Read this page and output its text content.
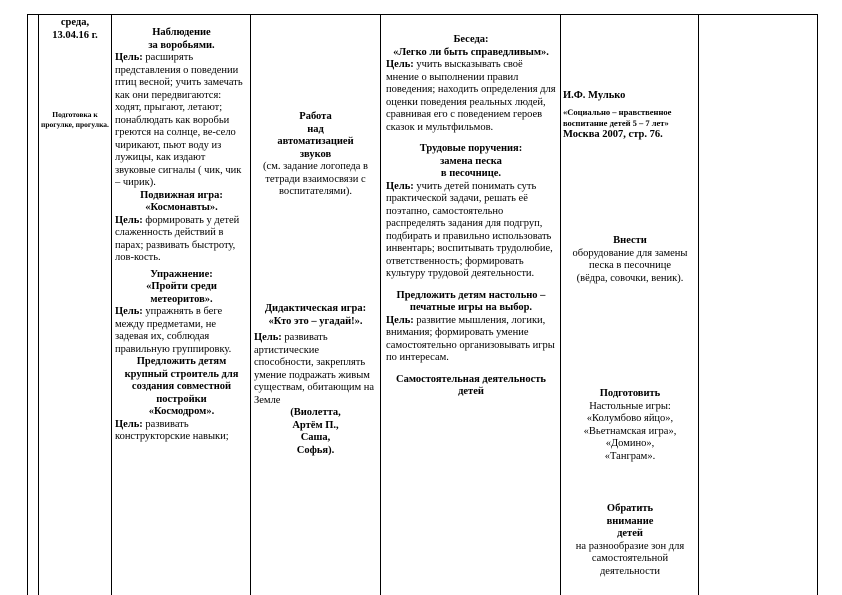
среда,

13.04.16 г.

Подготовка к прогулке, прогулка.

Наблюдение

за воробьями.

Цель: расширять представления о поведении птиц весной; учить замечать как они передвигаются: ходят, прыгают, летают; понаблюдать как воробьи греются на солнце, ве-село чирикают, пьют воду из лужицы, как издают звуковые сигналы ( чик, чик – чирик).

Подвижная игра:

«Космонавты».

Цель: формировать у детей слаженность действий в парах; развивать быстроту, лов-кость.

Упражнение:

«Пройти среди метеоритов».

Цель: упражнять в беге между предметами, не задевая их, соблюдая правильную группировку.

Предложить детям крупный строитель для создания совместной постройки

«Космодром».

Цель: развивать конструкторские навыки;

Работа

над

автоматизацией

звуков

(см. задание логопеда в тетради взаимосвязи с воспитателями).

Дидактическая игра:

«Кто это – угадай!».

Цель: развивать артистические способности, закреплять умение подражать живым существам, обитающим на Земле

(Виолетта,

Артём П.,

Саша,

Софья).

Беседа:

«Легко ли быть справедливым».

Цель: учить высказывать своё мнение о выполнении правил поведения; находить определения для оценки поведения реальных людей, сравнивая его с поведением героев сказок и мультфильмов.

Трудовые поручения:

замена песка

в песочнице.

Цель: учить детей понимать суть практической задачи, решать её поэтапно, самостоятельно распределять задания для подгруп, подбирать и правильно использовать инвентарь; воспитывать трудолюбие, ответственность; формировать культуру трудовой деятельности.

Предложить детям настольно – печатные игры на выбор.

Цель: развитие мышления, логики, внимания; формировать умение самостоятельно организовывать игры по интересам.

Самостоятельная деятельность детей

И.Ф. Мулько

«Социально – нравственное воспитание детей 5 – 7 лет»

Москва 2007, стр. 76.

Внести

оборудование для замены песка в песочнице

(вёдра, совочки, веник).

Подготовить

Настольные игры:

«Колумбово яйцо»,

«Вьетнамская игра»,

«Домино»,

«Танграм».

Обратить

внимание

детей

на разнообразие зон для самостоятельной деятельности
